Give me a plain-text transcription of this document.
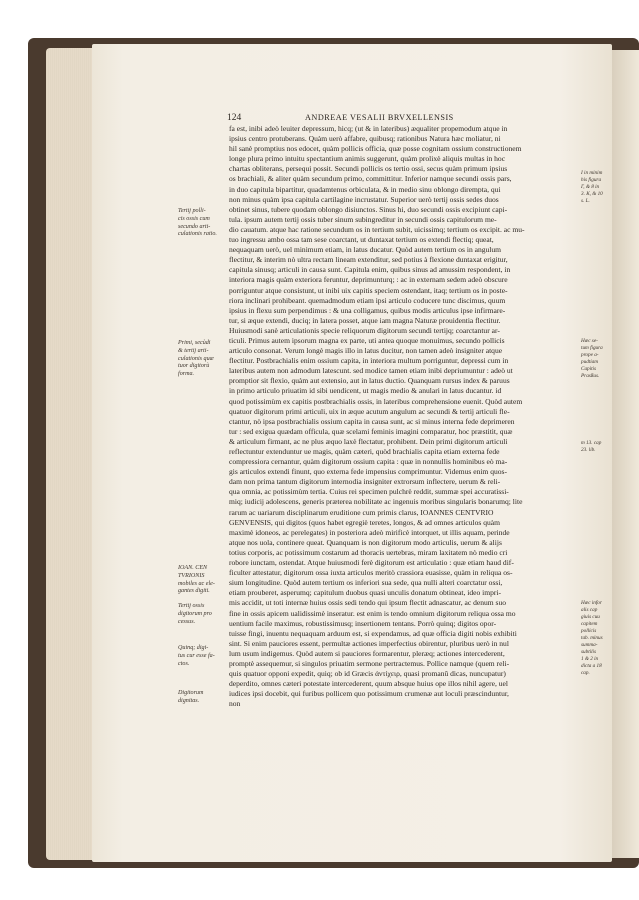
124	ANDREAE VESALII BRVXELLENSIS

fa est, inibi adeò leuiter depressum, hicq; (ut & in lateribus) æqualiter propemodum atque in

ipsius centro protuberans. Quàm uerò affabre, quibusq; rationibus Natura hæc moliatur, ni

hil sanè promptius nos edocet, quàm pollicis officia, quæ posse cognitam ossium constructionem

longe plura primo intuitu spectantium animis suggerunt, quàm prolixè aliquis multas in hoc

chartas obliterans, persequi possit. Secundi pollicis os tertio ossi, secus quàm primum ipsius

os brachiali, & aliter quàm secundum primo, committitur. Inferior namque secundi ossis pars,

in duo capitula bipartitur, quadamtenus orbiculata, & in medio sinu oblongo dirempta, qui

non minus quàm ipsa capitula cartilagine incrustatur. Superior uerò tertij ossis sedes duos

obtinet sinus, tubere quodam oblongo disiunctos. Sinus hi, duo secundi ossis excipiunt capi-

tula. ipsum autem tertij ossis tuber sinum subingreditur in secundi ossis capitulorum me-

dio cauatum. atque hac ratione secundum os in tertium subit, uicissimq; tertium os excipit. ac mu-

tuo ingressu ambo ossa tam sese coarctant, ut duntaxat tertium os extendi flectiq; queat,

nequaquam uerò, uel minimum etiam, in latus ducatur. Quòd autem tertium os in angulum

flectitur, & interim nò ultra rectam lineam extenditur, sed potius à flexione duntaxat erigitur,

capitula sinusq; articuli in causa sunt. Capitula enim, quibus sinus ad amussim respondent, in

interiora magis quàm exteriora feruntur, deprimunturq; : ac in externam sedem adeò obscure

porriguntur atque consistunt, ut inibi uix capitis speciem ostendant, itaq; tertium os in poste-

riora inclinari prohibeant. quemadmodum etiam ipsi articulo coducere tunc discimus, quum

ipsius in flexu sum perpendimus : & una colligamus, quibus modis articulus ipse infirmare-

tur, si æque extendi, duciq; in latera posset, atque iam magna Naturæ prouidentia flectitur.

Huiusmodi sanè articulationis specie reliquorum digitorum secundi tertijq; coarctantur ar-

ticuli. Primus autem ipsorum magna ex parte, uti antea quoque monuimus, secundo pollicis

articulo consonat. Verum longè magis illo in latus ducitur, non tamen adeò insigniter atque

flectitur. Postbrachialis enim ossium capita, in interiora multum porriguntur, depressi cum in

lateribus autem non admodum latescunt. sed modice tamen etiam inibi depriumuntur : adeò ut

promptior sit flexio, quàm aut extensio, aut in latus ductio. Quanquam rursus index & paruus

in primo articulo priuatim id sibi uendicent, ut magis medio & anulari in latus ducantur. id

quod potissimùm ex capitis postbrachialis ossis, in lateribus comprehensione euenit. Quòd autem

quatuor digitorum primi articuli, uix in æque acutum angulum ac secundi & tertij articuli fle-

ctantur, nò ipsa postbrachialis ossium capita in causa sunt, ac si minus interna fede deprimeren

tur : sed exigua quædam officula, quæ scelami feminis imagini comparatur, hoc præstitit, quæ

& articulum firmant, ac ne plus æquo laxè flectatur, prohibent. Dein primi digitorum articuli

reflectuntur extenduntur ue magis, quàm cæteri, quòd brachialis capita etiam externa fede

compressiora cernantur, quàm digitorum ossium capita : quæ in nonnullis hominibus eò ma-

gis articulos extendi finunt, quo externa fede impensius comprimuntur. Videmus enim quos-

dam non prima tantum digitorum internodia insigniter extrorsum inflectere, uerum & reli-

qua omnia, ac potissimùm tertia. Cuius rei specimen pulchrè reddit, summæ spei accuratissi-

miq; iudicij adolescens, generis præterea nobilitate ac ingenuis moribus singularis bonarumq; lite

rarum ac uariarum disciplinarum eruditione cum primis clarus, IOANNES CENTVRIO

GENVENSIS, qui digitos (quos habet egregiè teretes, longos, & ad omnes articulos quàm

maximè idoneos, ac perelegates) in posteriora adeò mirificè intorquet, ut illis aquam, perinde

atque nos uola, continere queat. Quanquam is non digitorum modo articulis, uerum & alijs

totius corporis, ac potissimum costarum ad thoracis uertebras, miram laxitatem nò medio cri

robore iunctam, ostendat. Atque huiusmodi ferè digitorum est articulatio : quæ etiam haud dif-

ficulter attestatur, digitorum ossa iuxta articulos meritò crassiora euasisse, quàm in reliqua os-

sium longitudine. Quòd autem tertium os inferiori sua sede, qua nulli alteri coarctatur ossi,

etiam prouberet, asperumq; capitulum duobus quasi unculis donatum obtineat, ideo impri-

mis accidit, ut toti internæ huius ossis sedi tendo qui ipsum flectit adnascatur, ac denum suo

fine in ossis apicem ualidissimè inseratur. est enim is tendo omnium digitorum reliqua ossa mo

uentium facile maximus, robustissimusq; insertionem tentans. Porrò quinq; digitos opor-

tuisse fingi, inuentu nequaquam arduum est, si expendamus, ad quæ officia digiti nobis exhibiti

sint. Si enim pauciores essent, permultæ actiones imperfectius obirentur, pluribus uerò in nul

lum usum indigemus. Quòd autem si pauciores formarentur, pleræq; actiones intercederent,

promptè assequemur, si singulos priuatim sermone pertractemus. Pollice namque (quem reli-

quis quatuor opponi expedit, quiq; ob id Græcis ἀντίχειρ, quasi promanû dicas, nuncupatur)

deperdito, omnes cæteri potestate intercederent, quum absque huius ope illos nihil agere, uel

iudices ipsi docebit, qui furibus pollicem quo potissimum crumenæ aut loculi præscinduntur,

non

Tertij polli-
cis ossis cum
secundo arti-
culationis ratio.
Primi, secùdi
& tertij arti-
culationis quæ
tuor digitorù
forma.
IOAN. CEN
TVRIONIS
mobiles ac ele-
gantes digiti.
Tertij ossis
digitorum pro
cessus.
Quinq; digi-
tus cur esse fa-
ctos.
Digitorum
dignitas.
I in minim
his figura
Γ, & 8 in
3. K, & 10
s. L.
Hæc se-
tum figura
prope a-
pudtiam
Capitis
Prasßus.
m 13. cap
23. lib.
Hæc infor
alis cap
giuis cuu
capitem
pollicis
tab. minus
summa-
subtilis
1 & 2 in
dicta a 18
cap.
